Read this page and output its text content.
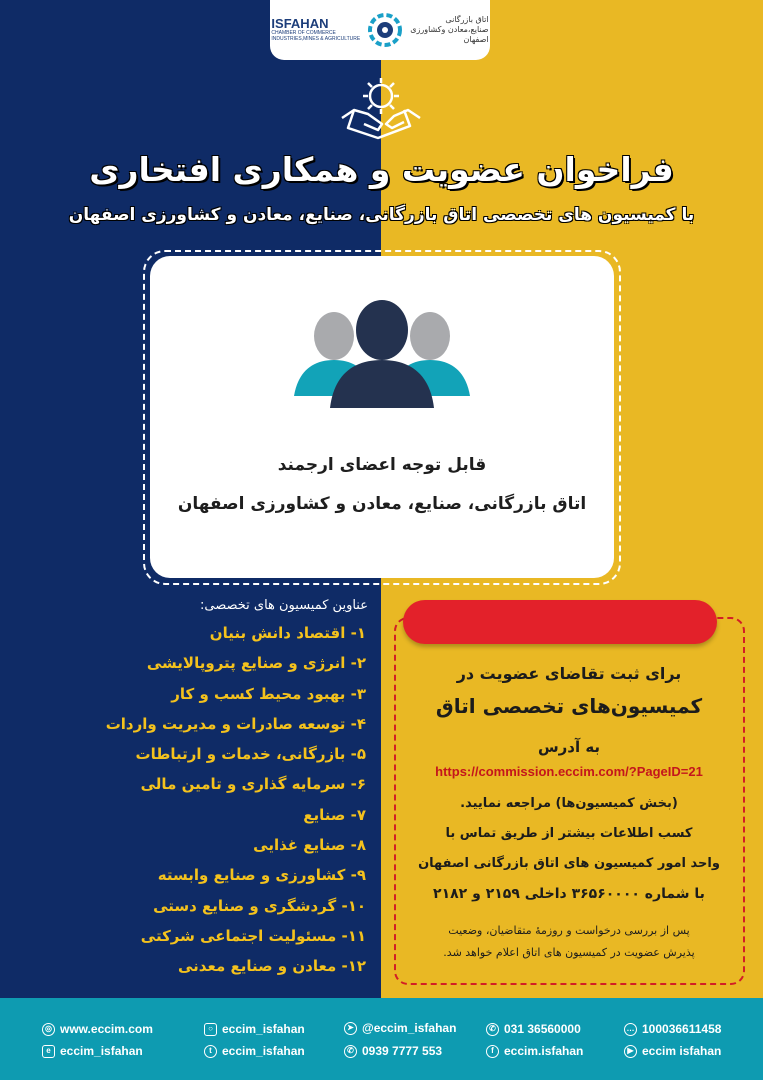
ISFAHAN
CHAMBER OF COMMERCE
INDUSTRIES,MINES & AGRICULTURE
اتاق بازرگانی
صنایع،معادن وکشاورزی
اصفهان
فراخوان عضویت و همکاری افتخاری
با کمیسیون های تخصصی اتاق بازرگانی، صنایع، معادن و کشاورزی اصفهان
قابل توجه اعضای ارجمند
اتاق بازرگانی، صنایع، معادن و کشاورزی اصفهان
عناوین کمیسیون های تخصصی:
۱- اقتصاد دانش بنیان
۲- انرژی و صنایع پتروپالایشی
۳- بهبود محیط کسب و کار
۴- توسعه صادرات و مدیریت واردات
۵- بازرگانی، خدمات و ارتباطات
۶- سرمایه گذاری و تامین مالی
۷- صنایع
۸- صنایع غذایی
۹- کشاورزی و صنایع وابسته
۱۰- گردشگری و صنایع دستی
۱۱- مسئولیت اجتماعی شرکتی
۱۲- معادن و صنایع معدنی
برای ثبت تقاضای عضویت در
کمیسیون‌های تخصصی اتاق
به آدرس
https://commission.eccim.com/?PageID=21
(بخش کمیسیون‌ها) مراجعه نمایید.
کسب اطلاعات بیشتر از طریق تماس با
واحد امور کمیسیون های اتاق بازرگانی اصفهان
با شماره ۳۶۵۶۰۰۰۰ داخلی ۲۱۵۹ و ۲۱۸۲
پس از بررسی درخواست و روزمهٔ متقاضیان، وضعیت
پذیرش عضویت در کمیسیون های اتاق اعلام خواهد شد.
◎ www.eccim.com
e eccim_isfahan
○ eccim_isfahan
t eccim_isfahan
➤ @eccim_isfahan
✆ 0939 7777 553
✆ 031 36560000
f eccim.isfahan
… 100036611458
▶ eccim isfahan
